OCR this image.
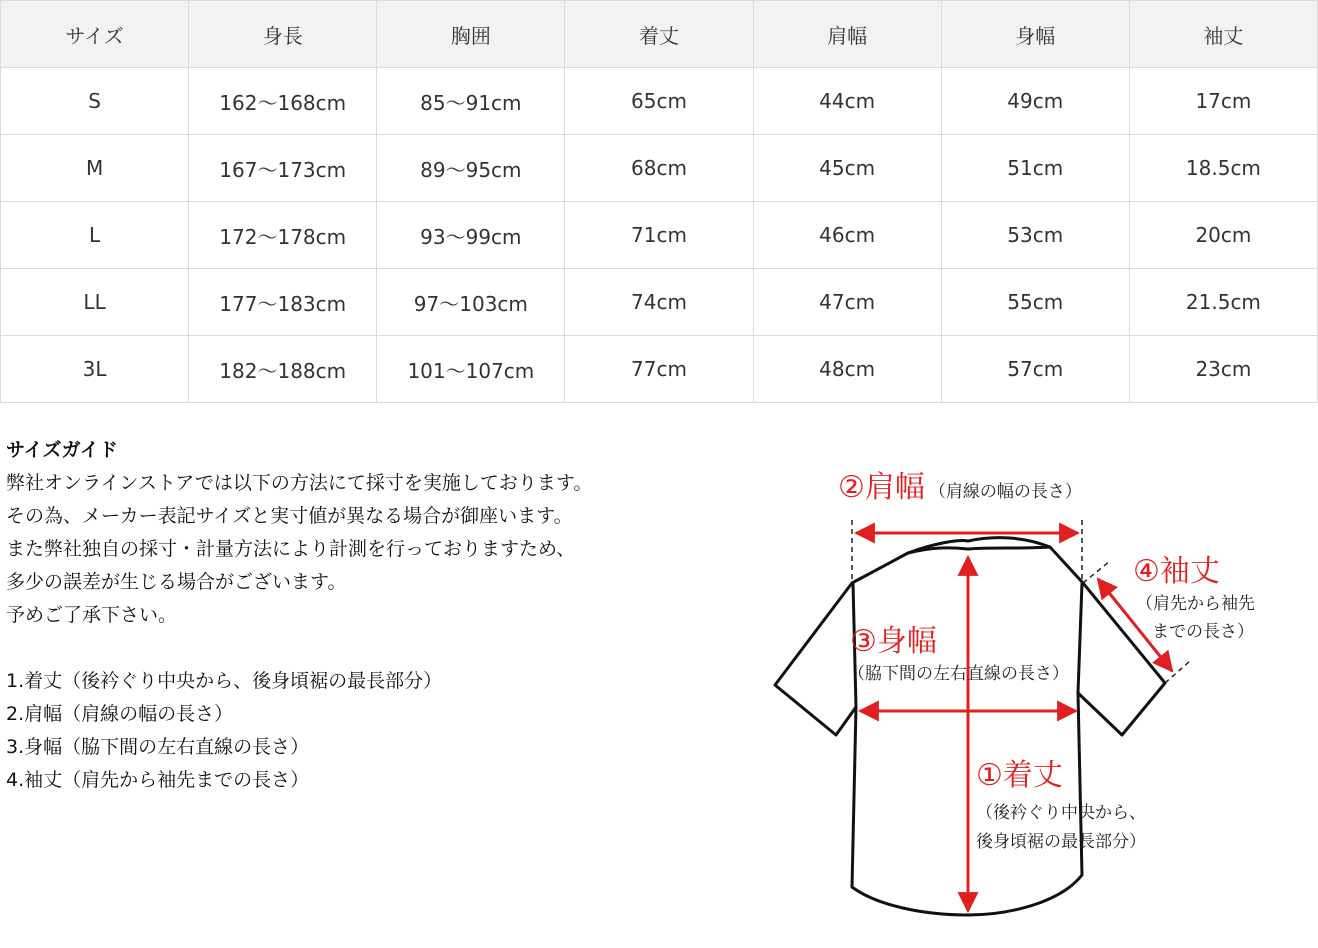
サイズ	身長	胸囲	着丈	肩幅	身幅	袖丈
S	162〜168cm	85〜91cm	65cm	44cm	49cm	17cm
M	167〜173cm	89〜95cm	68cm	45cm	51cm	18.5cm
L	172〜178cm	93〜99cm	71cm	46cm	53cm	20cm
LL	177〜183cm	97〜103cm	74cm	47cm	55cm	21.5cm
3L	182〜188cm	101〜107cm	77cm	48cm	57cm	23cm
サイズガイド
弊社オンラインストアでは以下の方法にて採寸を実施しております。
その為、メーカー表記サイズと実寸値が異なる場合が御座います。
また弊社独自の採寸・計量方法により計測を行っておりますため、
多少の誤差が生じる場合がございます。
予めご了承下さい。
1.着丈（後衿ぐり中央から、後身頃裾の最長部分）
2.肩幅（肩線の幅の長さ）
3.身幅（脇下間の左右直線の長さ）
4.袖丈（肩先から袖先までの長さ）
②肩幅 （肩線の幅の長さ）
④袖丈
（肩先から袖先
までの長さ）
③身幅
（脇下間の左右直線の長さ）
①着丈
（後衿ぐり中央から、
後身頃裾の最長部分）
